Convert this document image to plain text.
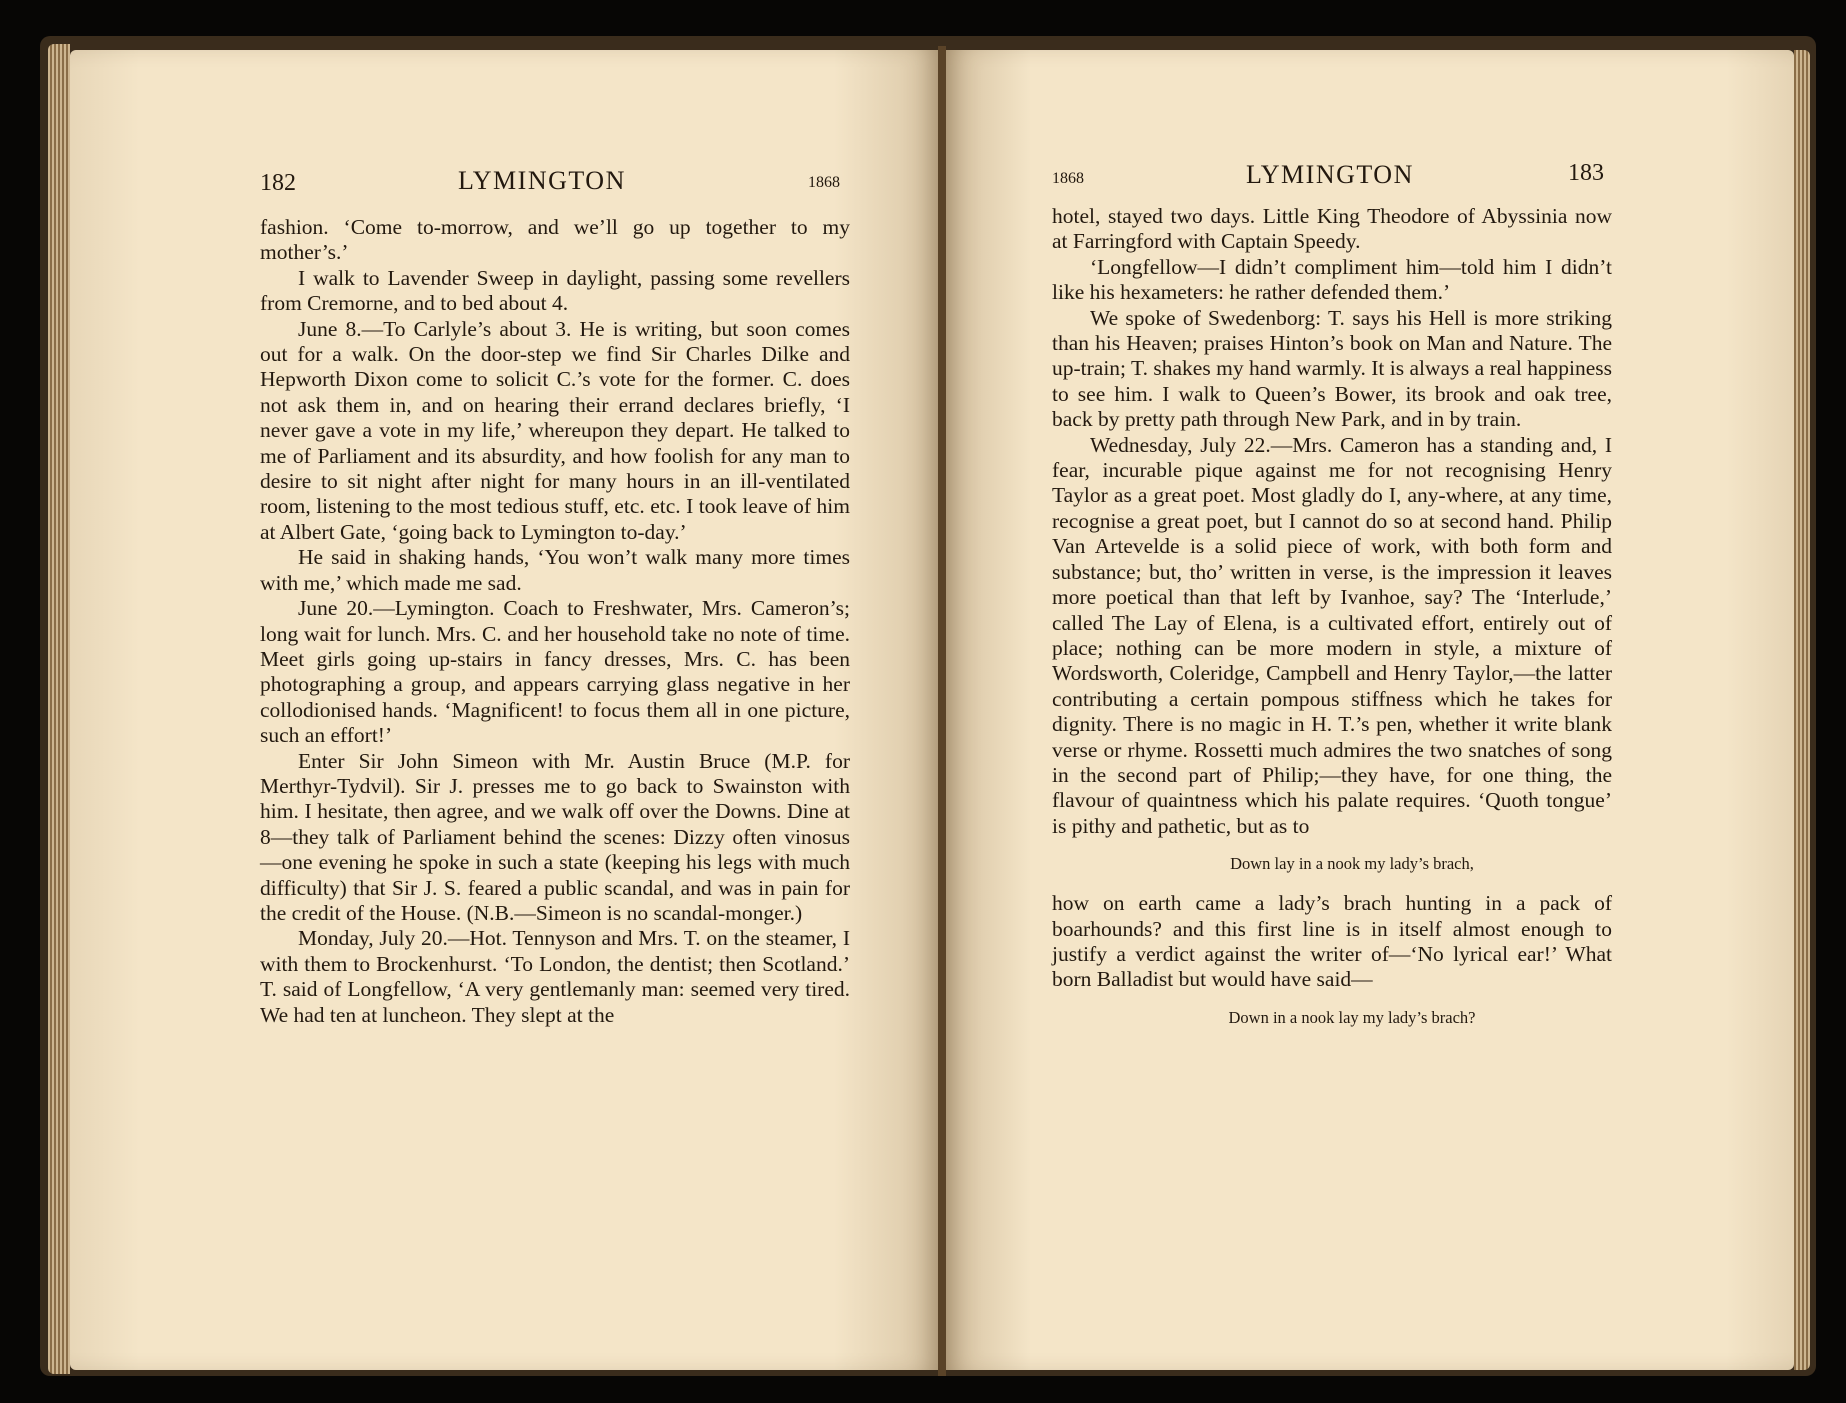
182	LYMINGTON	1868

fashion. ‘Come to-morrow, and we’ll go up together to my mother’s.’

I walk to Lavender Sweep in daylight, passing some revellers from Cremorne, and to bed about 4.

June 8.—To Carlyle’s about 3. He is writing, but soon comes out for a walk. On the door-step we find Sir Charles Dilke and Hepworth Dixon come to solicit C.’s vote for the former. C. does not ask them in, and on hearing their errand declares briefly, ‘I never gave a vote in my life,’ whereupon they depart. He talked to me of Parliament and its absurdity, and how foolish for any man to desire to sit night after night for many hours in an ill-ventilated room, listening to the most tedious stuff, etc. etc. I took leave of him at Albert Gate, ‘going back to Lymington to-day.’

He said in shaking hands, ‘You won’t walk many more times with me,’ which made me sad.

June 20.—Lymington. Coach to Freshwater, Mrs. Cameron’s; long wait for lunch. Mrs. C. and her household take no note of time. Meet girls going up-stairs in fancy dresses, Mrs. C. has been photographing a group, and appears carrying glass negative in her collodionised hands. ‘Magnificent! to focus them all in one picture, such an effort!’

Enter Sir John Simeon with Mr. Austin Bruce (M.P. for Merthyr-Tydvil). Sir J. presses me to go back to Swainston with him. I hesitate, then agree, and we walk off over the Downs. Dine at 8—they talk of Parliament behind the scenes: Dizzy often vinosus—one evening he spoke in such a state (keeping his legs with much difficulty) that Sir J. S. feared a public scandal, and was in pain for the credit of the House. (N.B.—Simeon is no scandal-monger.)

Monday, July 20.—Hot. Tennyson and Mrs. T. on the steamer, I with them to Brockenhurst. ‘To London, the dentist; then Scotland.’ T. said of Longfellow, ‘A very gentlemanly man: seemed very tired. We had ten at luncheon. They slept at the

1868	LYMINGTON	183

hotel, stayed two days. Little King Theodore of Abyssinia now at Farringford with Captain Speedy.

‘Longfellow—I didn’t compliment him—told him I didn’t like his hexameters: he rather defended them.’

We spoke of Swedenborg: T. says his Hell is more striking than his Heaven; praises Hinton’s book on Man and Nature. The up-train; T. shakes my hand warmly. It is always a real happiness to see him. I walk to Queen’s Bower, its brook and oak tree, back by pretty path through New Park, and in by train.

Wednesday, July 22.—Mrs. Cameron has a standing and, I fear, incurable pique against me for not recognising Henry Taylor as a great poet. Most gladly do I, any-where, at any time, recognise a great poet, but I cannot do so at second hand. Philip Van Artevelde is a solid piece of work, with both form and substance; but, tho’ written in verse, is the impression it leaves more poetical than that left by Ivanhoe, say? The ‘Interlude,’ called The Lay of Elena, is a cultivated effort, entirely out of place; nothing can be more modern in style, a mixture of Wordsworth, Coleridge, Campbell and Henry Taylor,—the latter contributing a certain pompous stiffness which he takes for dignity. There is no magic in H. T.’s pen, whether it write blank verse or rhyme. Rossetti much admires the two snatches of song in the second part of Philip;—they have, for one thing, the flavour of quaintness which his palate requires. ‘Quoth tongue’ is pithy and pathetic, but as to

Down lay in a nook my lady’s brach,

how on earth came a lady’s brach hunting in a pack of boarhounds? and this first line is in itself almost enough to justify a verdict against the writer of—‘No lyrical ear!’ What born Balladist but would have said—

Down in a nook lay my lady’s brach?
